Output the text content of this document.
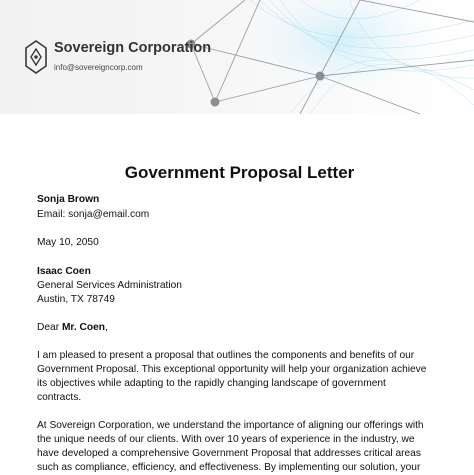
Sovereign Corporation
info@sovereigncorp.com
Government Proposal Letter
Sonja Brown
Email: sonja@email.com
May 10, 2050
Isaac Coen
General Services Administration
Austin, TX 78749
Dear Mr. Coen,
I am pleased to present a proposal that outlines the components and benefits of our
Government Proposal. This exceptional opportunity will help your organization achieve
its objectives while adapting to the rapidly changing landscape of government
contracts.
At Sovereign Corporation, we understand the importance of aligning our offerings with
the unique needs of our clients. With over 10 years of experience in the industry, we
have developed a comprehensive Government Proposal that addresses critical areas
such as compliance, efficiency, and effectiveness. By implementing our solution, your
